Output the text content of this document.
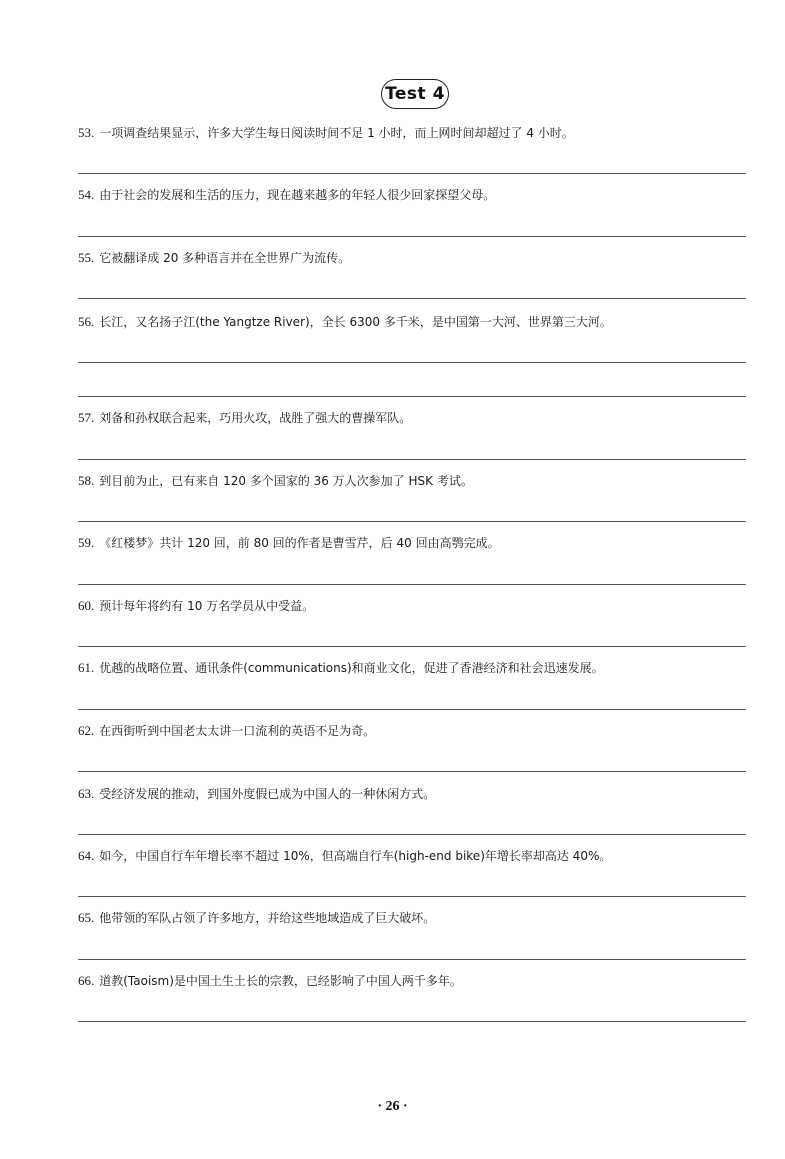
Test 4
53. 一项调查结果显示，许多大学生每日阅读时间不足 1 小时，而上网时间却超过了 4 小时。
54. 由于社会的发展和生活的压力，现在越来越多的年轻人很少回家探望父母。
55. 它被翻译成 20 多种语言并在全世界广为流传。
56. 长江，又名扬子江(the Yangtze River)，全长 6300 多千米，是中国第一大河、世界第三大河。
57. 刘备和孙权联合起来，巧用火攻，战胜了强大的曹操军队。
58. 到目前为止，已有来自 120 多个国家的 36 万人次参加了 HSK 考试。
59. 《红楼梦》共计 120 回，前 80 回的作者是曹雪芹，后 40 回由高鹗完成。
60. 预计每年将约有 10 万名学员从中受益。
61. 优越的战略位置、通讯条件(communications)和商业文化，促进了香港经济和社会迅速发展。
62. 在西街听到中国老太太讲一口流利的英语不足为奇。
63. 受经济发展的推动，到国外度假已成为中国人的一种休闲方式。
64. 如今，中国自行车年增长率不超过 10%，但高端自行车(high-end bike)年增长率却高达 40%。
65. 他带领的军队占领了许多地方，并给这些地域造成了巨大破坏。
66. 道教(Taoism)是中国土生土长的宗教，已经影响了中国人两千多年。
· 26 ·
